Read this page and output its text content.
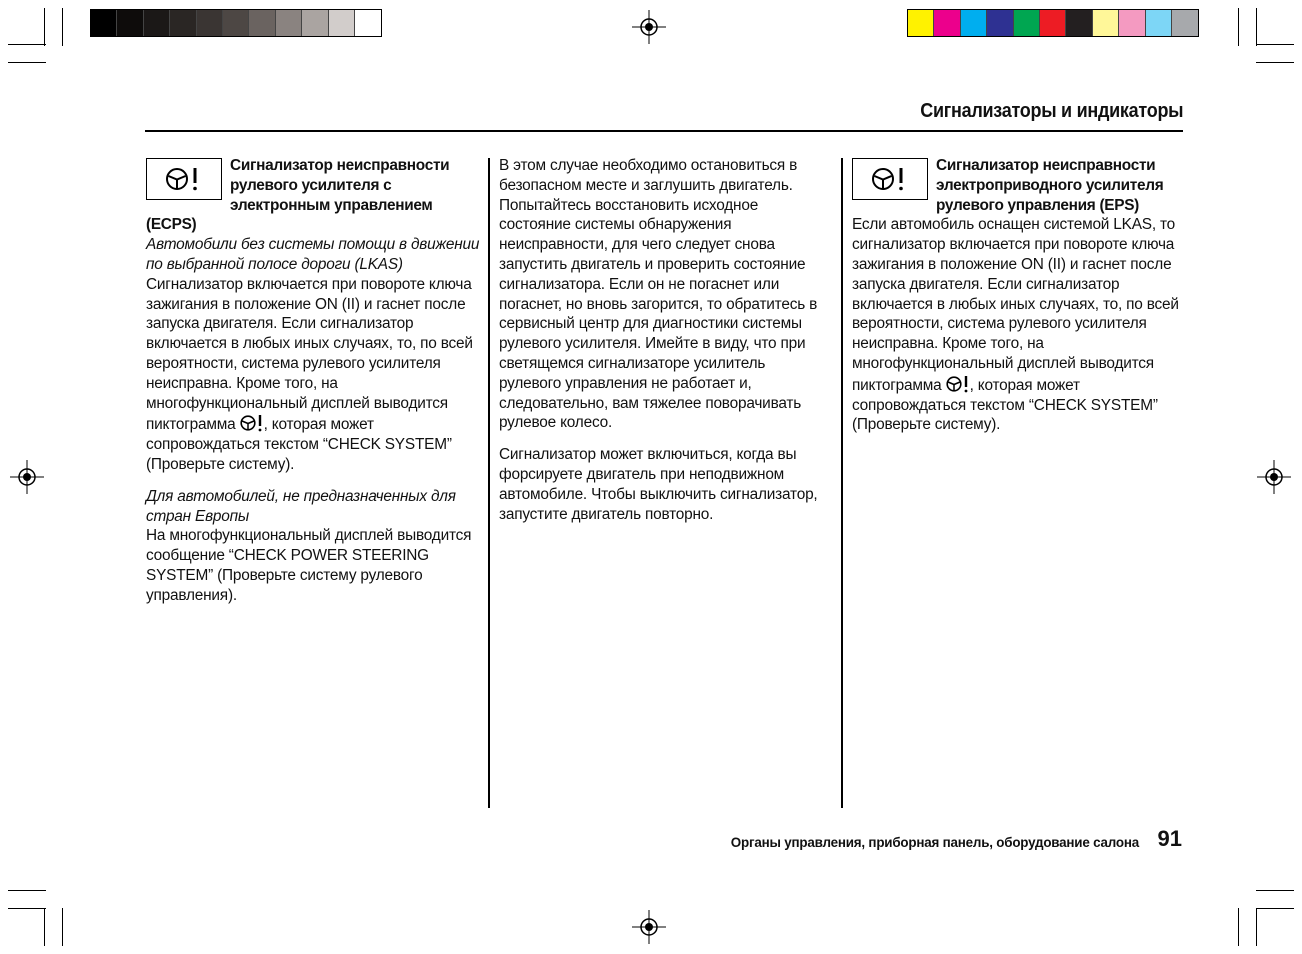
Сигнализаторы и индикаторы
Сигнализатор неисправности
рулевого усилителя с
электронным управлением (ECPS)

Автомобили без системы помощи в движении по выбранной полосе дороги (LKAS)

Сигнализатор включается при повороте ключа зажигания в положение ON (II) и гаснет после запуска двигателя. Если сигнализатор включается в любых иных случаях, то, по всей вероятности, система рулевого усилителя неисправна. Кроме того, на многофункциональный дисплей выводится пиктограмма , которая может сопровождаться текстом “CHECK SYSTEM” (Проверьте систему).

Для автомобилей, не предназначенных для стран Европы

На многофункциональный дисплей выводится сообщение “CHECK POWER STEERING SYSTEM” (Проверьте систему рулевого управления).

В этом случае необходимо остановиться в безопасном месте и заглушить двигатель. Попытайтесь восстановить исходное состояние системы обнаружения неисправности, для чего следует снова запустить двигатель и проверить состояние сигнализатора. Если он не погаснет или погаснет, но вновь загорится, то обратитесь в сервисный центр для диагностики системы рулевого усилителя. Имейте в виду, что при светящемся сигнализаторе усилитель рулевого управления не работает и, следовательно, вам тяжелее поворачивать рулевое колесо.

Сигнализатор может включиться, когда вы форсируете двигатель при неподвижном автомобиле. Чтобы выключить сигнализатор, запустите двигатель повторно.

Сигнализатор неисправности
электроприводного усилителя
рулевого управления (EPS)

Если автомобиль оснащен системой LKAS, то сигнализатор включается при повороте ключа зажигания в положение ON (II) и гаснет после запуска двигателя. Если сигнализатор включается в любых иных случаях, то, по всей вероятности, система рулевого усилителя неисправна. Кроме того, на многофункциональный дисплей выводится пиктограмма , которая может сопровождаться текстом “CHECK SYSTEM” (Проверьте систему).

Органы управления, приборная панель, оборудование салона 91
